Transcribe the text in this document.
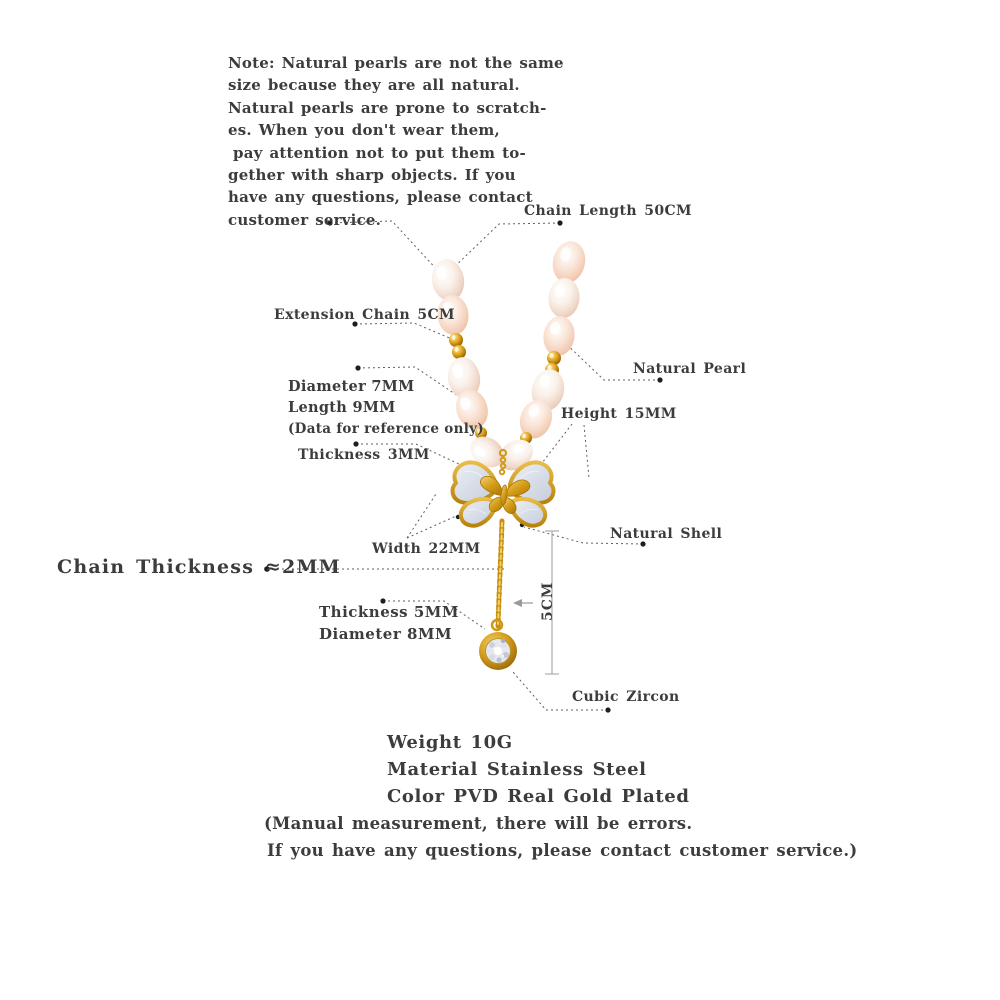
Note: Natural pearls are not the same
size because they are all natural.
Natural pearls are prone to scratch-
es. When you don't wear them,
pay attention not to put them to-
gether with sharp objects. If you
have any questions, please contact
customer service.	Chain Length 50CM
Extension Chain 5CM
Natural Pearl
Diameter 7MM
Length 9MM
(Data for reference only)
Height 15MM
Thickness 3MM
Natural Shell
Width 22MM
Chain Thickness ≈2MM
Thickness 5MM
Diameter 8MM
5CM
Cubic Zircon
Weight 10G
Material Stainless Steel
Color PVD Real Gold Plated
(Manual measurement, there will be errors.
If you have any questions, please contact customer service.)
